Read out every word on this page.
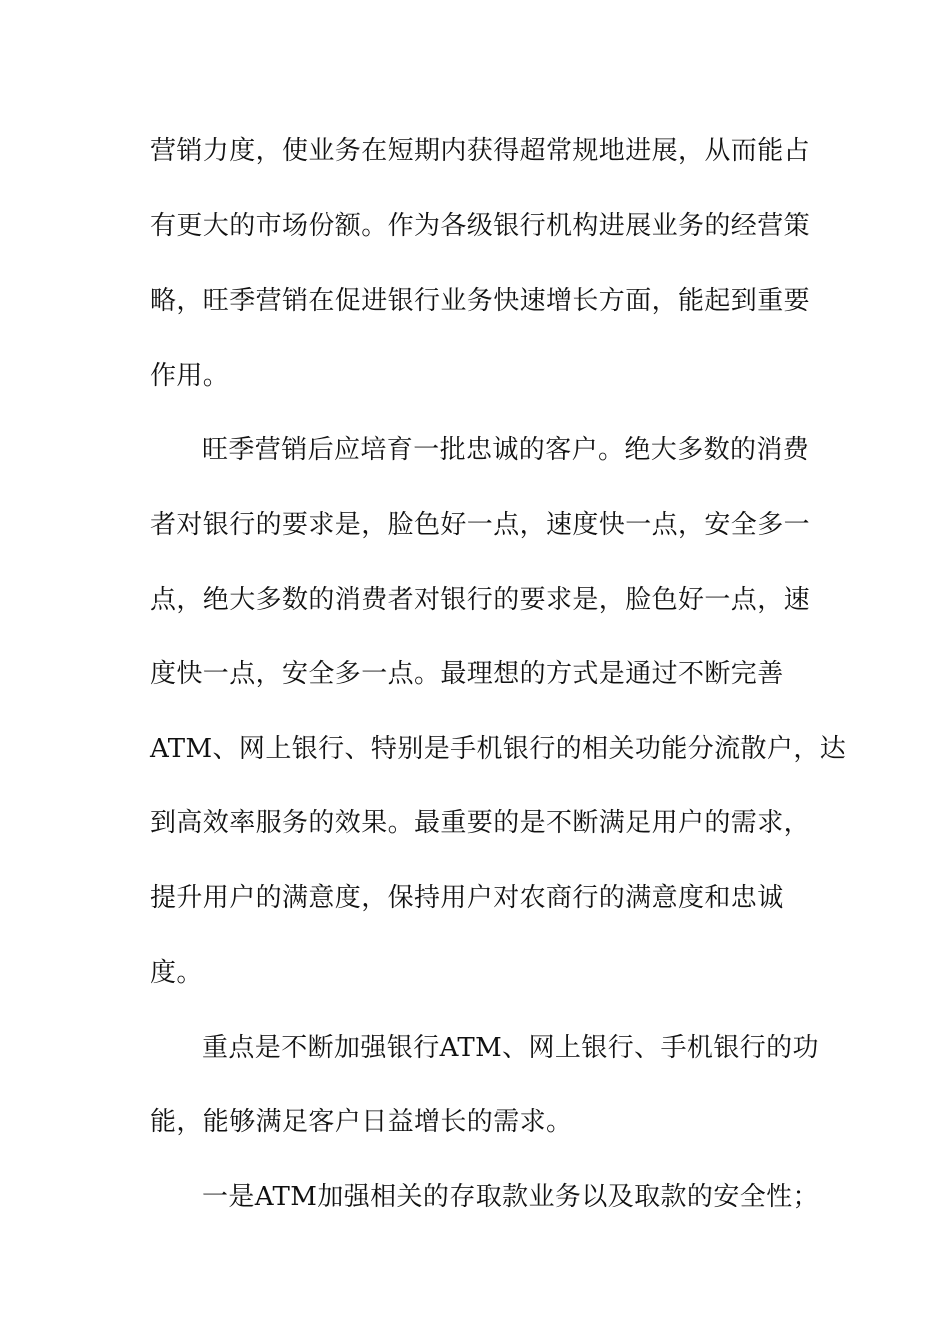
营销力度，使业务在短期内获得超常规地进展，从而能占
有更大的市场份额。作为各级银行机构进展业务的经营策
略，旺季营销在促进银行业务快速增长方面，能起到重要
作用。
旺季营销后应培育一批忠诚的客户。绝大多数的消费
者对银行的要求是，脸色好一点，速度快一点，安全多一
点，绝大多数的消费者对银行的要求是，脸色好一点，速
度快一点，安全多一点。最理想的方式是通过不断完善
ATM、网上银行、特别是手机银行的相关功能分流散户，达
到高效率服务的效果。最重要的是不断满足用户的需求，
提升用户的满意度，保持用户对农商行的满意度和忠诚
度。
重点是不断加强银行ATM、网上银行、手机银行的功
能，能够满足客户日益增长的需求。
一是ATM加强相关的存取款业务以及取款的安全性；
